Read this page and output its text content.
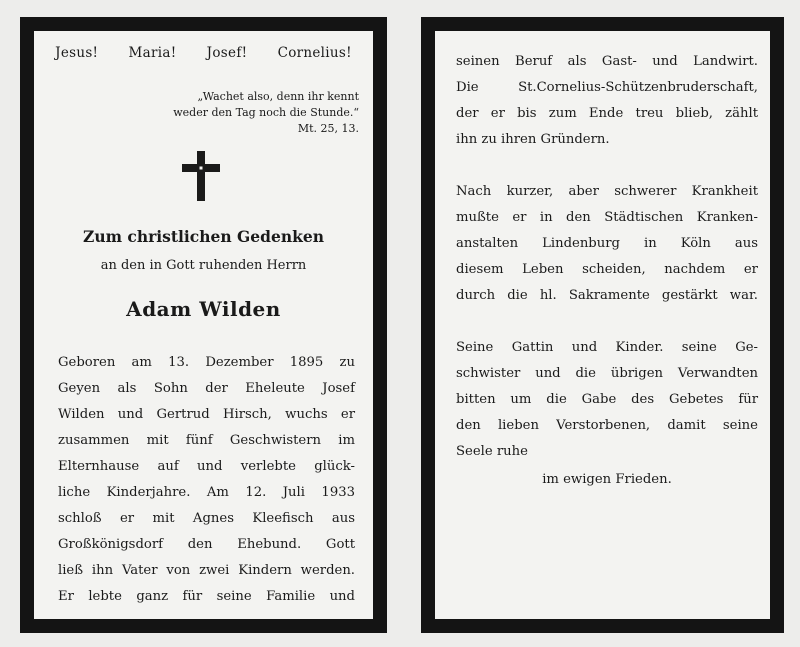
Jesus! Maria! Josef! Cornelius!
„Wachet also, denn ihr kennt
weder den Tag noch die Stunde.“
Mt. 25, 13.
Zum christlichen Gedenken
an den in Gott ruhenden Herrn
Adam Wilden
Geboren am 13. Dezember 1895 zu
Geyen als Sohn der Eheleute Josef
Wilden und Gertrud Hirsch, wuchs er
zusammen mit fünf Geschwistern im
Elternhause auf und verlebte glück-
liche Kinderjahre. Am 12. Juli 1933
schloß er mit Agnes Kleefisch aus
Großkönigsdorf den Ehebund. Gott
ließ ihn Vater von zwei Kindern werden.
Er lebte ganz für seine Familie und
seinen Beruf als Gast- und Landwirt.
Die St.Cornelius-Schützenbruderschaft,
der er bis zum Ende treu blieb, zählt
ihn zu ihren Gründern.
Nach kurzer, aber schwerer Krankheit
mußte er in den Städtischen Kranken-
anstalten Lindenburg in Köln aus
diesem Leben scheiden, nachdem er
durch die hl. Sakramente gestärkt war.
Seine Gattin und Kinder. seine Ge-
schwister und die übrigen Verwandten
bitten um die Gabe des Gebetes für
den lieben Verstorbenen, damit seine
Seele ruhe
im ewigen Frieden.
